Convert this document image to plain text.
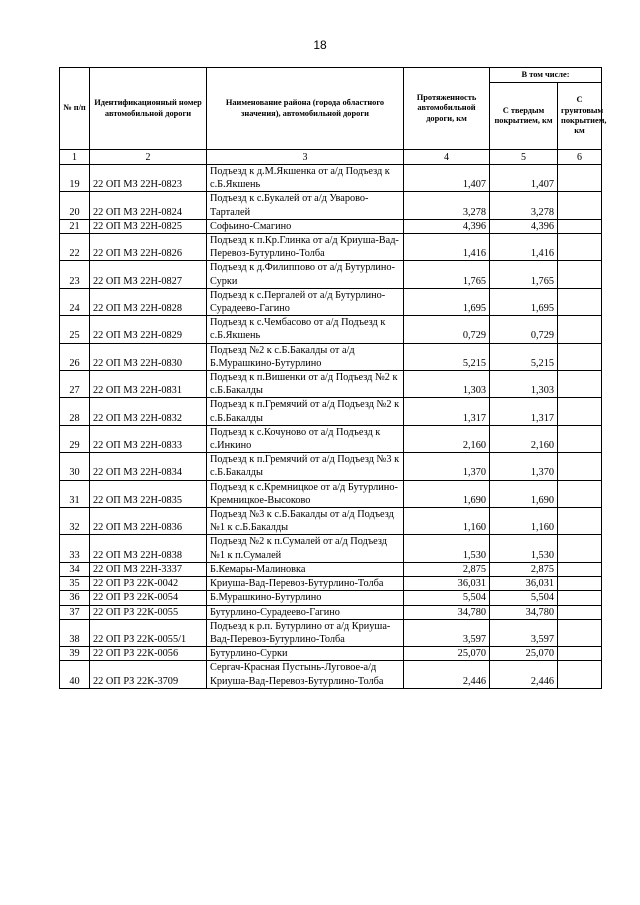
18
№ п/п	Идентификационный номер автомобильной дороги	Наименование района (города областного значения), автомобильной дороги	Протяженность автомобильной дороги, км	В том числе:	
				С твердым покрытием, км	С грунтовым покрытием, км
1	2	3	4	5	6
19	22 ОП МЗ 22Н-0823	Подъезд к д.М.Якшенка от а/д Подъезд к с.Б.Якшень	1,407	1,407	
20	22 ОП МЗ 22Н-0824	Подъезд к с.Букалей от а/д Уварово-Тарталей	3,278	3,278	
21	22 ОП МЗ 22Н-0825	Софьино-Смагино	4,396	4,396	
22	22 ОП МЗ 22Н-0826	Подъезд к п.Кр.Глинка от а/д Криуша-Вад-Перевоз-Бутурлино-Толба	1,416	1,416	
23	22 ОП МЗ 22Н-0827	Подъезд к д.Филиппово от а/д Бутурлино-Сурки	1,765	1,765	
24	22 ОП МЗ 22Н-0828	Подъезд к с.Пергалей от а/д Бутурлино-Сурадеево-Гагино	1,695	1,695	
25	22 ОП МЗ 22Н-0829	Подъезд к с.Чембасово от а/д Подъезд к с.Б.Якшень	0,729	0,729	
26	22 ОП МЗ 22Н-0830	Подъезд №2 к с.Б.Бакалды от а/д Б.Мурашкино-Бутурлино	5,215	5,215	
27	22 ОП МЗ 22Н-0831	Подъезд к п.Вишенки от а/д Подъезд №2 к с.Б.Бакалды	1,303	1,303	
28	22 ОП МЗ 22Н-0832	Подъезд к п.Гремячий от а/д Подъезд №2 к с.Б.Бакалды	1,317	1,317	
29	22 ОП МЗ 22Н-0833	Подъезд к с.Кочуново от а/д Подъезд к с.Инкино	2,160	2,160	
30	22 ОП МЗ 22Н-0834	Подъезд к п.Гремячий от а/д Подъезд №3 к с.Б.Бакалды	1,370	1,370	
31	22 ОП МЗ 22Н-0835	Подъезд к с.Кремницкое от а/д Бутурлино-Кремницкое-Высоково	1,690	1,690	
32	22 ОП МЗ 22Н-0836	Подъезд №3 к с.Б.Бакалды от а/д Подъезд №1 к с.Б.Бакалды	1,160	1,160	
33	22 ОП МЗ 22Н-0838	Подъезд №2 к п.Сумалей от а/д Подъезд №1 к п.Сумалей	1,530	1,530	
34	22 ОП МЗ 22Н-3337	Б.Кемары-Малиновка	2,875	2,875	
35	22 ОП РЗ 22К-0042	Криуша-Вад-Перевоз-Бутурлино-Толба	36,031	36,031	
36	22 ОП РЗ 22К-0054	Б.Мурашкино-Бутурлино	5,504	5,504	
37	22 ОП РЗ 22К-0055	Бутурлино-Сурадеево-Гагино	34,780	34,780	
38	22 ОП РЗ 22К-0055/1	Подъезд к р.п. Бутурлино от а/д Криуша-Вад-Перевоз-Бутурлино-Толба	3,597	3,597	
39	22 ОП РЗ 22К-0056	Бутурлино-Сурки	25,070	25,070	
40	22 ОП РЗ 22К-3709	Сергач-Красная Пустынь-Луговое-а/д Криуша-Вад-Перевоз-Бутурлино-Толба	2,446	2,446	
